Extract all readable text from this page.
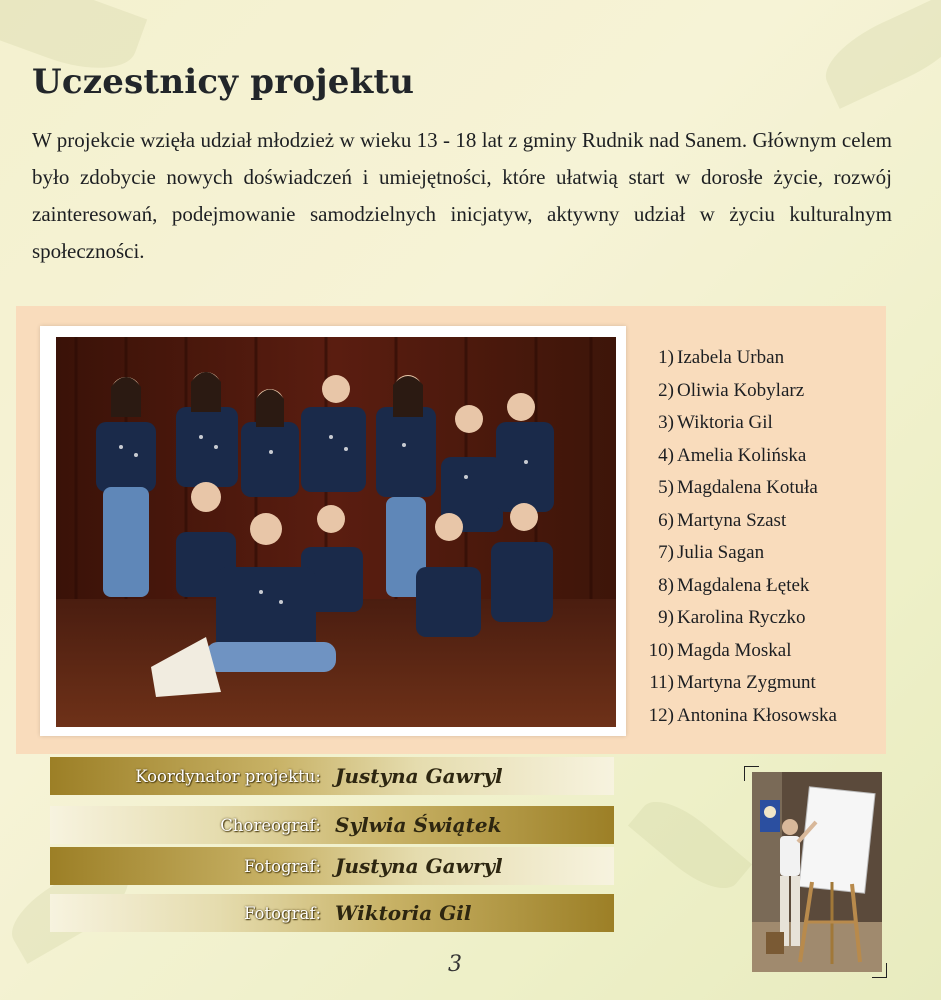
Uczestnicy projektu

W projekcie wzięła udział młodzież w wieku 13 - 18 lat z gminy Rudnik nad Sanem. Głównym celem było zdobycie nowych doświadczeń i umiejętności, które ułatwią start w dorosłe życie, rozwój zainteresowań, podejmowanie samodzielnych inicjatyw, aktywny udział w życiu kulturalnym społeczności.

1) Izabela Urban
2) Oliwia Kobylarz
3) Wiktoria Gil
4) Amelia Kolińska
5) Magdalena Kotuła
6) Martyna Szast
7) Julia Sagan
8) Magdalena Łętek
9) Karolina Ryczko
10) Magda Moskal
11) Martyna Zygmunt
12) Antonina Kłosowska
Koordynator projektu: Justyna Gawryl
Choreograf: Sylwia Świątek
Fotograf: Justyna Gawryl
Fotograf: Wiktoria Gil
3
